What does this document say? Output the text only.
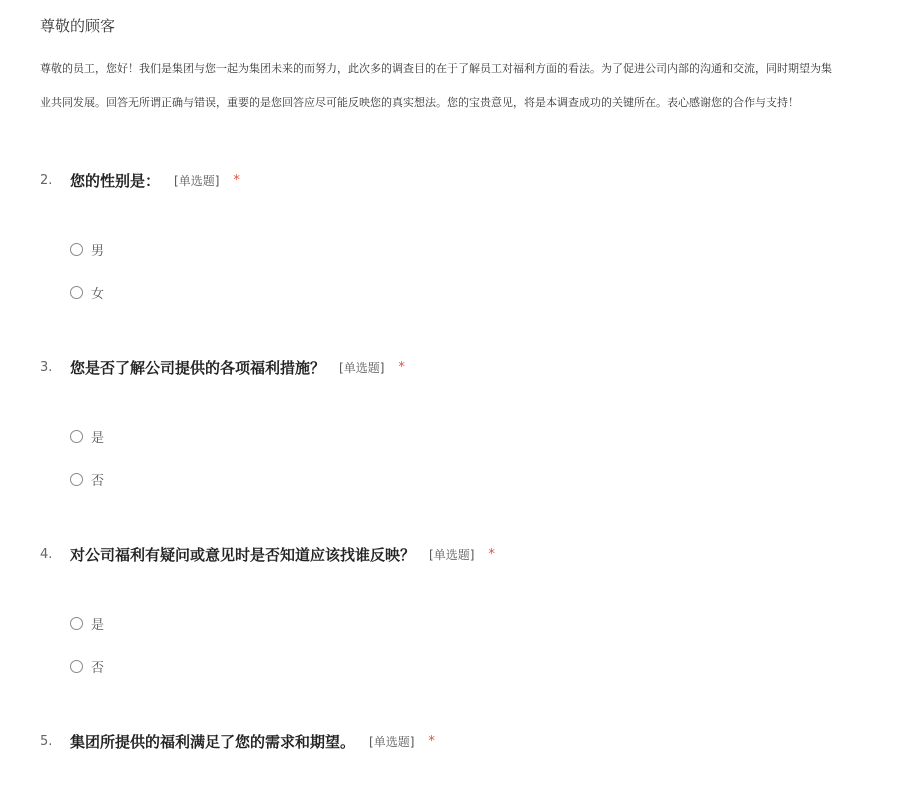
尊敬的顾客
尊敬的员工，您好！我们是集团与您一起为集团未来的而努力，此次多的调查目的在于了解员工对福利方面的看法。为了促进公司内部的沟通和交流，同时期望为集
业共同发展。回答无所谓正确与错误，重要的是您回答应尽可能反映您的真实想法。您的宝贵意见，将是本调查成功的关键所在。表心感谢您的合作与支持！
2.	您的性别是： [单选题] *
男
女
3.	您是否了解公司提供的各项福利措施？ [单选题] *
是
否
4.	对公司福利有疑问或意见时是否知道应该找谁反映？ [单选题] *
是
否
5.	集团所提供的福利满足了您的需求和期望。 [单选题] *
